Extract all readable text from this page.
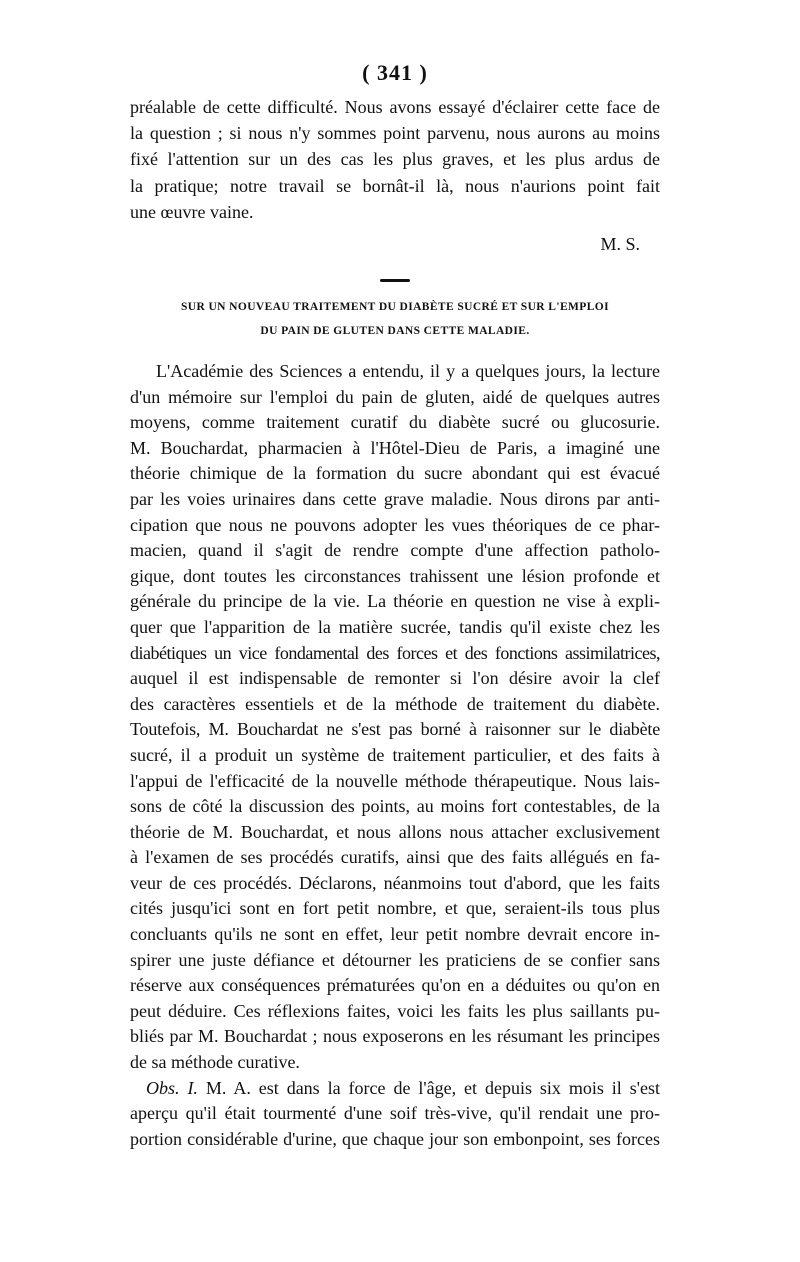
( 341 )
préalable de cette difficulté. Nous avons essayé d'éclairer cette face de
la question ; si nous n'y sommes point parvenu, nous aurons au moins
fixé l'attention sur un des cas les plus graves, et les plus ardus de
la pratique; notre travail se bornât-il là, nous n'aurions point fait
une œuvre vaine.
M. S.
SUR UN NOUVEAU TRAITEMENT DU DIABÈTE SUCRÉ ET SUR L'EMPLOI
DU PAIN DE GLUTEN DANS CETTE MALADIE.
L'Académie des Sciences a entendu, il y a quelques jours, la lecture
d'un mémoire sur l'emploi du pain de gluten, aidé de quelques autres
moyens, comme traitement curatif du diabète sucré ou glucosurie.
M. Bouchardat, pharmacien à l'Hôtel-Dieu de Paris, a imaginé une
théorie chimique de la formation du sucre abondant qui est évacué
par les voies urinaires dans cette grave maladie. Nous dirons par anti-
cipation que nous ne pouvons adopter les vues théoriques de ce phar-
macien, quand il s'agit de rendre compte d'une affection patholo-
gique, dont toutes les circonstances trahissent une lésion profonde et
générale du principe de la vie. La théorie en question ne vise à expli-
quer que l'apparition de la matière sucrée, tandis qu'il existe chez les
diabétiques un vice fondamental des forces et des fonctions assimilatrices,
auquel il est indispensable de remonter si l'on désire avoir la clef
des caractères essentiels et de la méthode de traitement du diabète.
Toutefois, M. Bouchardat ne s'est pas borné à raisonner sur le diabète
sucré, il a produit un système de traitement particulier, et des faits à
l'appui de l'efficacité de la nouvelle méthode thérapeutique. Nous lais-
sons de côté la discussion des points, au moins fort contestables, de la
théorie de M. Bouchardat, et nous allons nous attacher exclusivement
à l'examen de ses procédés curatifs, ainsi que des faits allégués en fa-
veur de ces procédés. Déclarons, néanmoins tout d'abord, que les faits
cités jusqu'ici sont en fort petit nombre, et que, seraient-ils tous plus
concluants qu'ils ne sont en effet, leur petit nombre devrait encore in-
spirer une juste défiance et détourner les praticiens de se confier sans
réserve aux conséquences prématurées qu'on en a déduites ou qu'on en
peut déduire. Ces réflexions faites, voici les faits les plus saillants pu-
bliés par M. Bouchardat ; nous exposerons en les résumant les principes
de sa méthode curative.
Obs. I. M. A. est dans la force de l'âge, et depuis six mois il s'est
aperçu qu'il était tourmenté d'une soif très-vive, qu'il rendait une pro-
portion considérable d'urine, que chaque jour son embonpoint, ses forces
